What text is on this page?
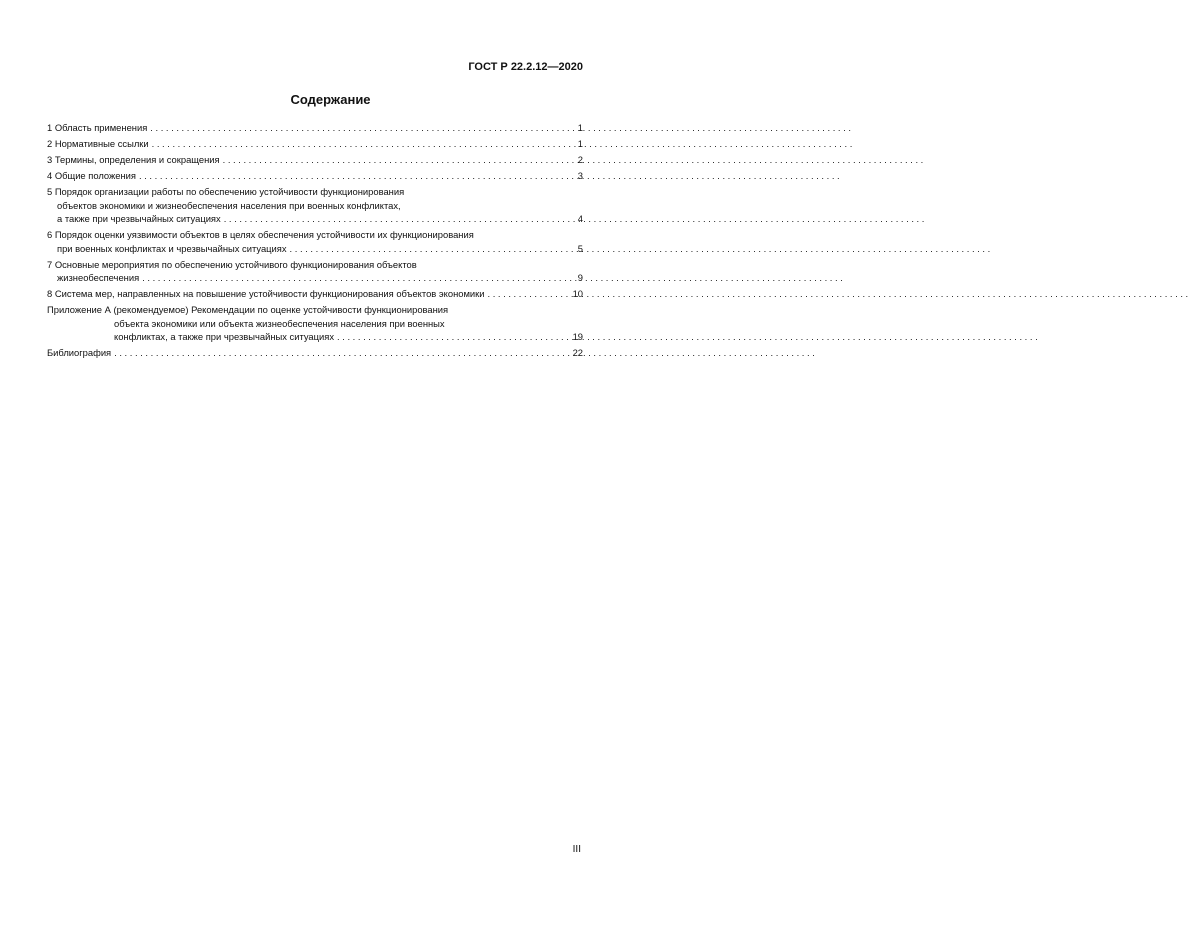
ГОСТ Р 22.2.12—2020
Содержание
1 Область применения . . .	1
2 Нормативные ссылки . . .	1
3 Термины, определения и сокращения . . .	2
4 Общие положения . . .	3
5 Порядок организации работы по обеспечению устойчивости функционирования
объектов экономики и жизнеобеспечения населения при военных конфликтах,
а также при чрезвычайных ситуациях . . .	4
6 Порядок оценки уязвимости объектов в целях обеспечения устойчивости их функционирования
при военных конфликтах и чрезвычайных ситуациях . . .	5
7 Основные мероприятия по обеспечению устойчивого функционирования объектов
жизнеобеспечения . . .	9
8 Система мер, направленных на повышение устойчивости функционирования объектов экономики . . .	10
Приложение А (рекомендуемое) Рекомендации по оценке устойчивости функционирования
объекта экономики или объекта жизнеобеспечения населения при военных
конфликтах, а также при чрезвычайных ситуациях . . .	19
Библиография . . .	22
III
